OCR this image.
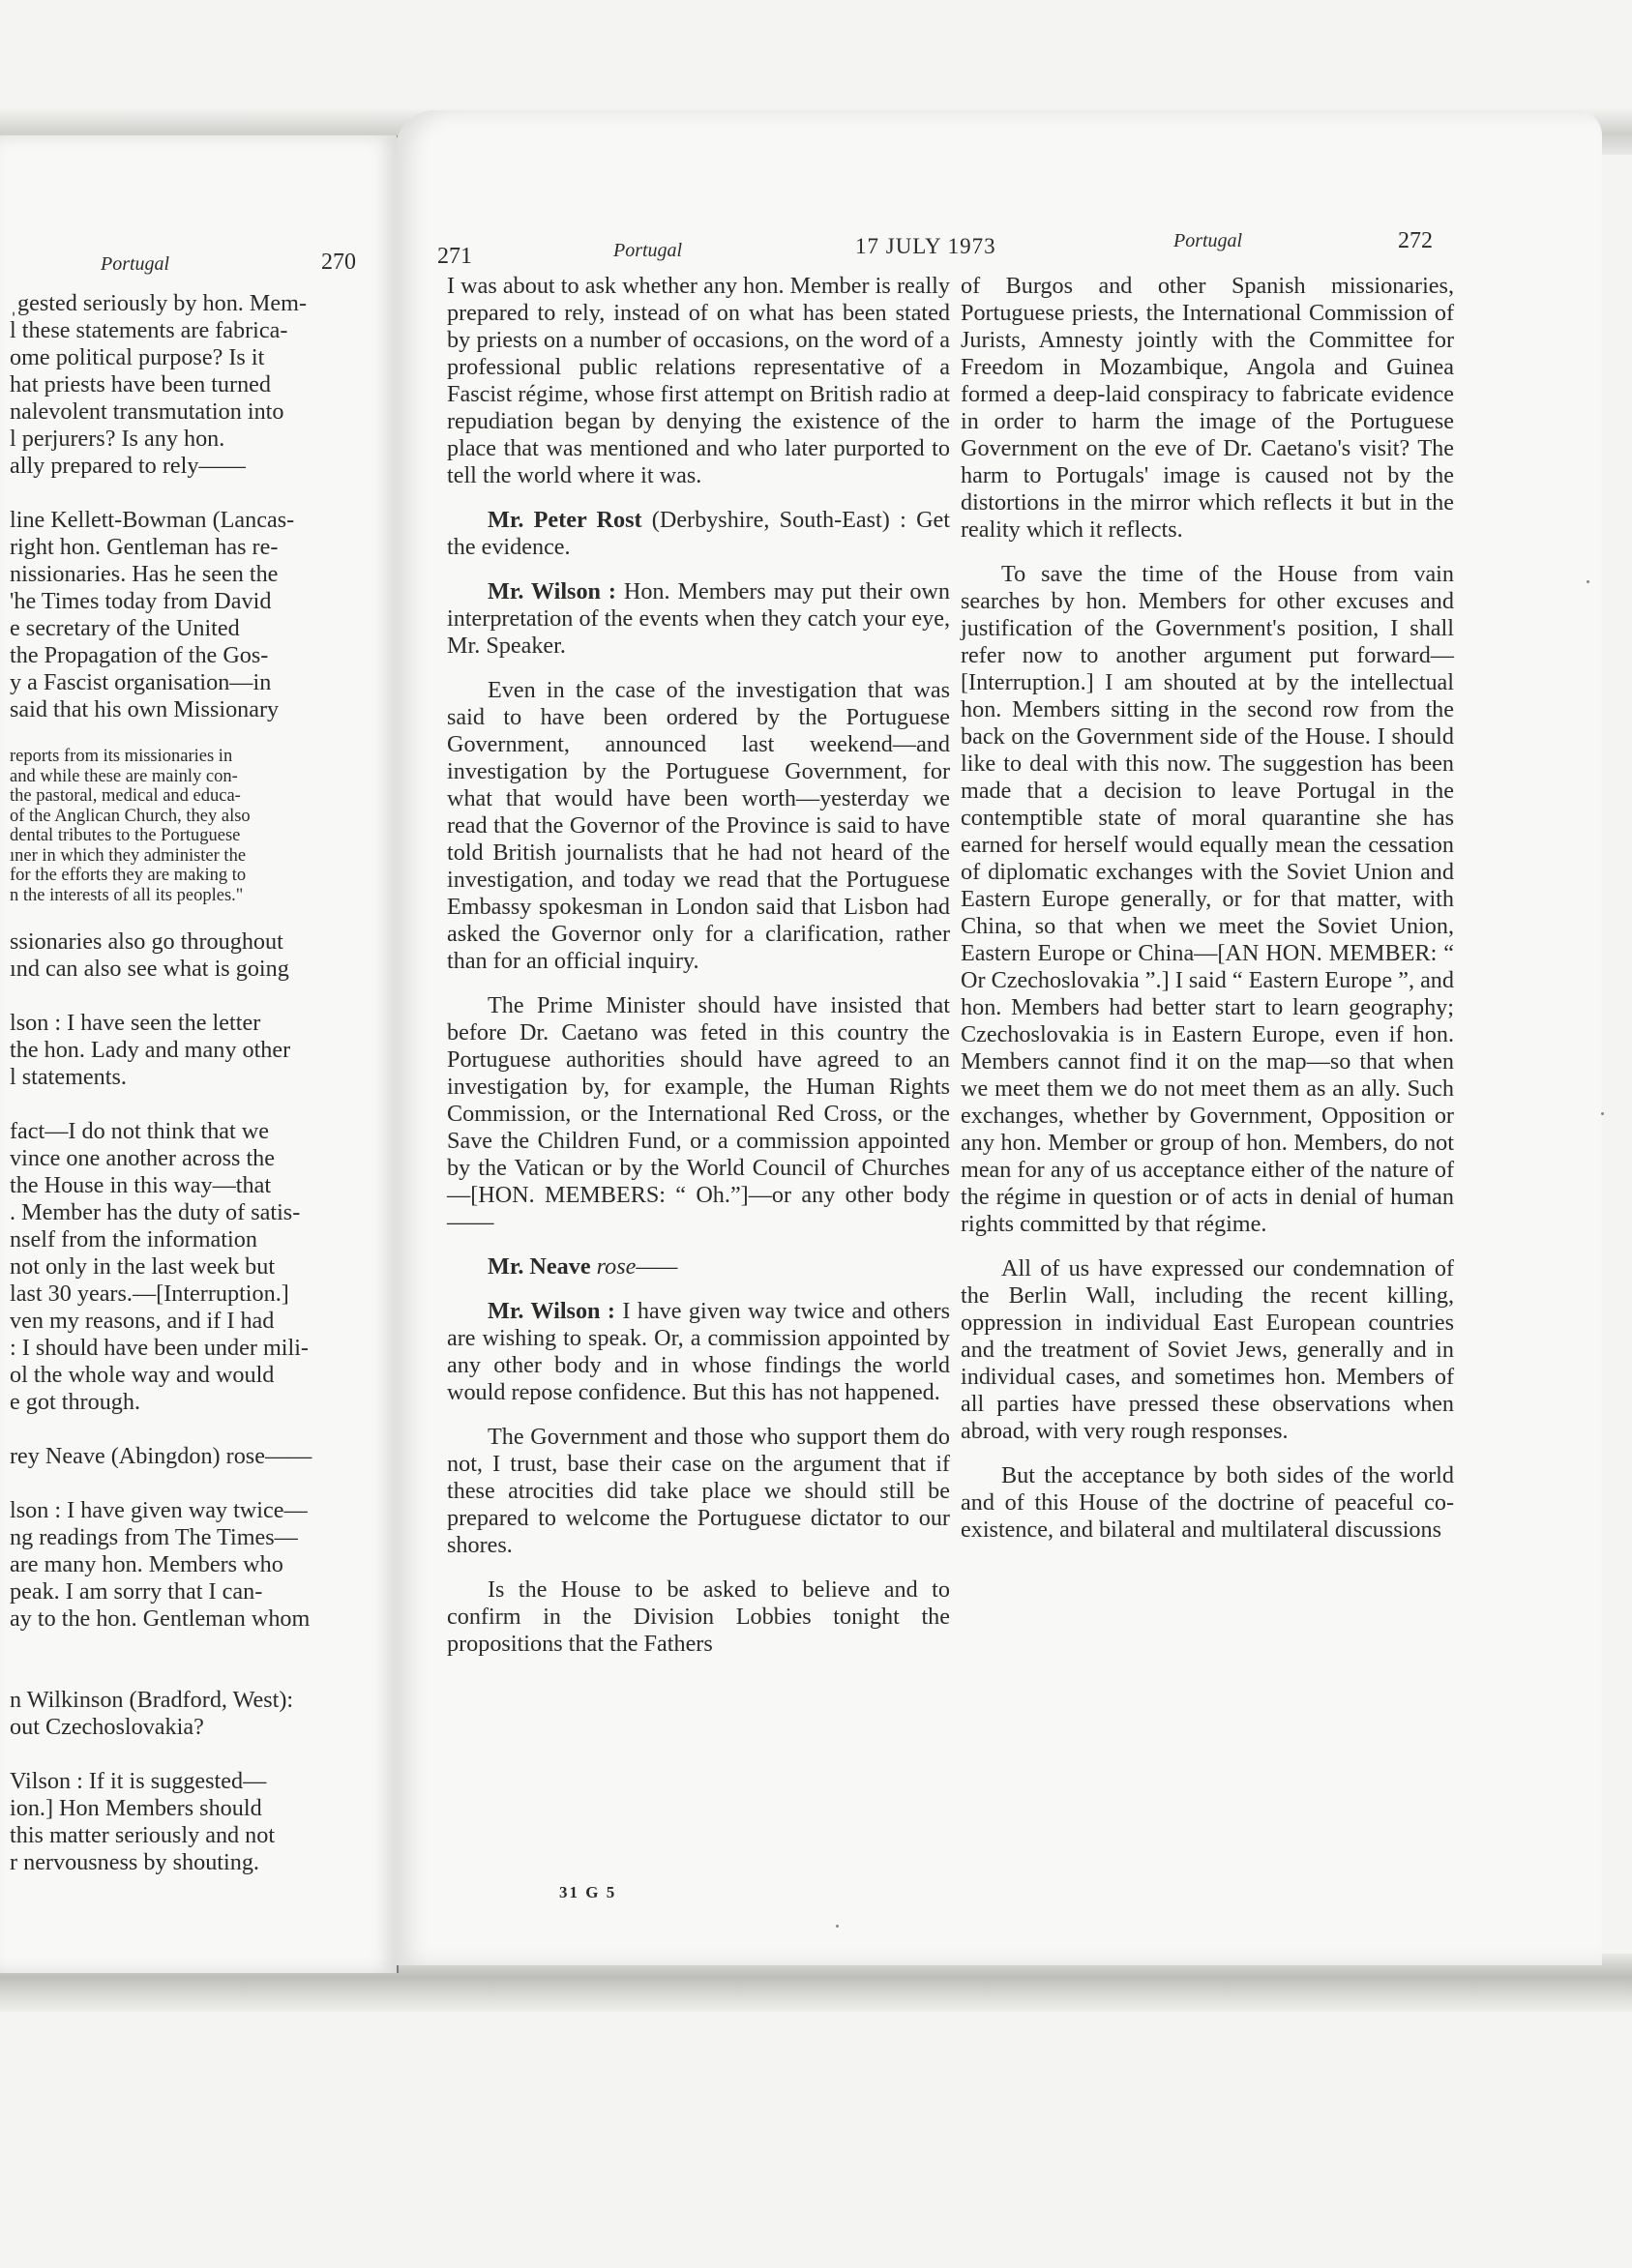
Portugal	270	271	Portugal	17 JULY 1973	Portugal	272
ˌgested seriously by hon. Mem-
l these statements are fabrica-
ome political purpose? Is it
hat priests have been turned
nalevolent transmutation into
l perjurers? Is any hon.
ally prepared to rely——

line Kellett-Bowman (Lancas-
right hon. Gentleman has re-
nissionaries. Has he seen the
'he Times today from David
e secretary of the United
the Propagation of the Gos-
y a Fascist organisation—in
said that his own Missionary
reports from its missionaries in
and while these are mainly con-
the pastoral, medical and educa-
of the Anglican Church, they also
dental tributes to the Portuguese
ıner in which they administer the
for the efforts they are making to
n the interests of all its peoples."
ssionaries also go throughout
ınd can also see what is going

lson : I have seen the letter
the hon. Lady and many other
l statements.

fact—I do not think that we
vince one another across the
the House in this way—that
. Member has the duty of satis-
nself from the information
not only in the last week but
last 30 years.—[Interruption.]
ven my reasons, and if I had
: I should have been under mili-
ol the whole way and would
e got through.

rey Neave (Abingdon) rose——

lson : I have given way twice—
ng readings from The Times—
are many hon. Members who
peak. I am sorry that I can-
ay to the hon. Gentleman whom

n Wilkinson (Bradford, West):
out Czechoslovakia?

Vilson : If it is suggested—
ion.] Hon Members should
this matter seriously and not
r nervousness by shouting.

I was about to ask whether any hon. Member is really prepared to rely, instead of on what has been stated by priests on a number of occasions, on the word of a professional public relations representative of a Fascist régime, whose first attempt on British radio at repudiation began by denying the existence of the place that was mentioned and who later purported to tell the world where it was.

Mr. Peter Rost (Derbyshire, South-East) : Get the evidence.

Mr. Wilson : Hon. Members may put their own interpretation of the events when they catch your eye, Mr. Speaker.

Even in the case of the investigation that was said to have been ordered by the Portuguese Government, announced last weekend—and investigation by the Portuguese Government, for what that would have been worth—yesterday we read that the Governor of the Province is said to have told British journalists that he had not heard of the investigation, and today we read that the Portuguese Embassy spokesman in London said that Lisbon had asked the Governor only for a clarification, rather than for an official inquiry.

The Prime Minister should have insisted that before Dr. Caetano was feted in this country the Portuguese authorities should have agreed to an investigation by, for example, the Human Rights Commission, or the International Red Cross, or the Save the Children Fund, or a commission appointed by the Vatican or by the World Council of Churches—[HON. MEMBERS: “ Oh.”]—or any other body——

Mr. Neave rose——

Mr. Wilson : I have given way twice and others are wishing to speak. Or, a commission appointed by any other body and in whose findings the world would repose confidence. But this has not happened.

The Government and those who support them do not, I trust, base their case on the argument that if these atrocities did take place we should still be prepared to welcome the Portuguese dictator to our shores.

Is the House to be asked to believe and to confirm in the Division Lobbies tonight the propositions that the Fathers

of Burgos and other Spanish missionaries, Portuguese priests, the International Commission of Jurists, Amnesty jointly with the Committee for Freedom in Mozambique, Angola and Guinea formed a deep-laid conspiracy to fabricate evidence in order to harm the image of the Portuguese Government on the eve of Dr. Caetano's visit? The harm to Portugals' image is caused not by the distortions in the mirror which reflects it but in the reality which it reflects.

To save the time of the House from vain searches by hon. Members for other excuses and justification of the Government's position, I shall refer now to another argument put forward—[Interruption.] I am shouted at by the intellectual hon. Members sitting in the second row from the back on the Government side of the House. I should like to deal with this now. The suggestion has been made that a decision to leave Portugal in the contemptible state of moral quarantine she has earned for herself would equally mean the cessation of diplomatic exchanges with the Soviet Union and Eastern Europe generally, or for that matter, with China, so that when we meet the Soviet Union, Eastern Europe or China—[AN HON. MEMBER: “ Or Czechoslovakia ”.] I said “ Eastern Europe ”, and hon. Members had better start to learn geography; Czechoslovakia is in Eastern Europe, even if hon. Members cannot find it on the map—so that when we meet them we do not meet them as an ally. Such exchanges, whether by Government, Opposition or any hon. Member or group of hon. Members, do not mean for any of us acceptance either of the nature of the régime in question or of acts in denial of human rights committed by that régime.

All of us have expressed our condemnation of the Berlin Wall, including the recent killing, oppression in individual East European countries and the treatment of Soviet Jews, generally and in individual cases, and sometimes hon. Members of all parties have pressed these observations when abroad, with very rough responses.

But the acceptance by both sides of the world and of this House of the doctrine of peaceful co-existence, and bilateral and multilateral discussions

31 G 5
